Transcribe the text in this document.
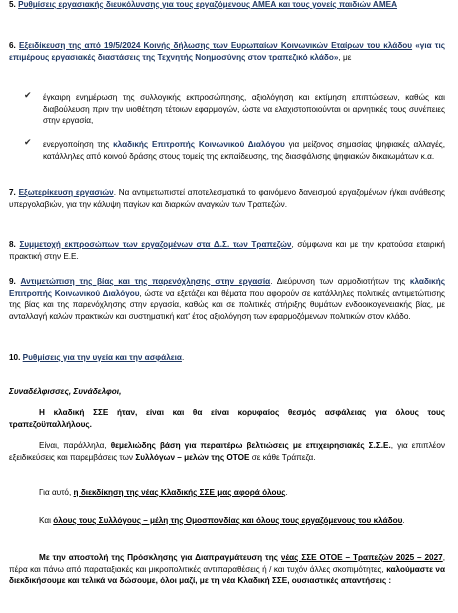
5. Ρυθμίσεις εργασιακής διευκόλυνσης για τους εργαζόμενους ΑΜΕΑ και τους γονείς παιδιών ΑΜΕΑ

6. Εξειδίκευση της από 19/5/2024 Κοινής δήλωσης των Ευρωπαίων Κοινωνικών Εταίρων του κλάδου «για τις επιμέρους εργασιακές διαστάσεις της Τεχνητής Νοημοσύνης στον τραπεζικό κλάδο», με

✔ έγκαιρη ενημέρωση της συλλογικής εκπροσώπησης, αξιολόγηση και εκτίμηση επιπτώσεων, καθώς και διαβούλευση πριν την υιοθέτηση τέτοιων εφαρμογών, ώστε να ελαχιστοποιούνται οι αρνητικές τους συνέπειες στην εργασία,

✔ ενεργοποίηση της κλαδικής Επιτροπής Κοινωνικού Διαλόγου για μείζονος σημασίας ψηφιακές αλλαγές, κατάλληλες από κοινού δράσης στους τομείς της εκπαίδευσης, της διασφάλισης ψηφιακών δικαιωμάτων κ.α.

7. Εξωτερίκευση εργασιών. Να αντιμετωπιστεί αποτελεσματικά το φαινόμενο δανεισμού εργαζομένων ή/και ανάθεσης υπεργολαβιών, για την κάλυψη παγίων και διαρκών αναγκών των Τραπεζών.

8. Συμμετοχή εκπροσώπων των εργαζομένων στα Δ.Σ. των Τραπεζών, σύμφωνα και με την κρατούσα εταιρική πρακτική στην Ε.Ε.

9. Αντιμετώπιση της βίας και της παρενόχλησης στην εργασία. Διεύρυνση των αρμοδιοτήτων της κλαδικής Επιτροπής Κοινωνικού Διαλόγου, ώστε να εξετάζει και θέματα που αφορούν σε κατάλληλες πολιτικές αντιμετώπισης της βίας και της παρενόχλησης στην εργασία, καθώς και σε πολιτικές στήριξης θυμάτων ενδοοικογενειακής βίας, με ανταλλαγή καλών πρακτικών και συστηματική κατ' έτος αξιολόγηση των εφαρμοζόμενων πολιτικών στον κλάδο.

10. Ρυθμίσεις για την υγεία και την ασφάλεια.

Συναδέλφισσες, Συνάδελφοι,

Η κλαδική ΣΣΕ ήταν, είναι και θα είναι κορυφαίος θεσμός ασφάλειας για όλους τους τραπεζοϋπαλλήλους.

Είναι, παράλληλα, θεμελιώδης βάση για περαιτέρω βελτιώσεις με επιχειρησιακές Σ.Σ.Ε., για επιπλέον εξειδικεύσεις και παρεμβάσεις των Συλλόγων – μελών της ΟΤΟΕ σε κάθε Τράπεζα.

Για αυτό, η διεκδίκηση της νέας Κλαδικής ΣΣΕ μας αφορά όλους.

Και όλους τους Συλλόγους – μέλη της Ομοσπονδίας και όλους τους εργαζόμενους του κλάδου.

Με την αποστολή της Πρόσκλησης για Διαπραγμάτευση της νέας ΣΣΕ ΟΤΟΕ – Τραπεζών 2025 – 2027, πέρα και πάνω από παραταξιακές και μικροπολιτικές αντιπαραθέσεις ή / και τυχόν άλλες σκοπιμότητες, καλούμαστε να διεκδικήσουμε και τελικά να δώσουμε, όλοι μαζί, με τη νέα Κλαδική ΣΣΕ, ουσιαστικές απαντήσεις :
